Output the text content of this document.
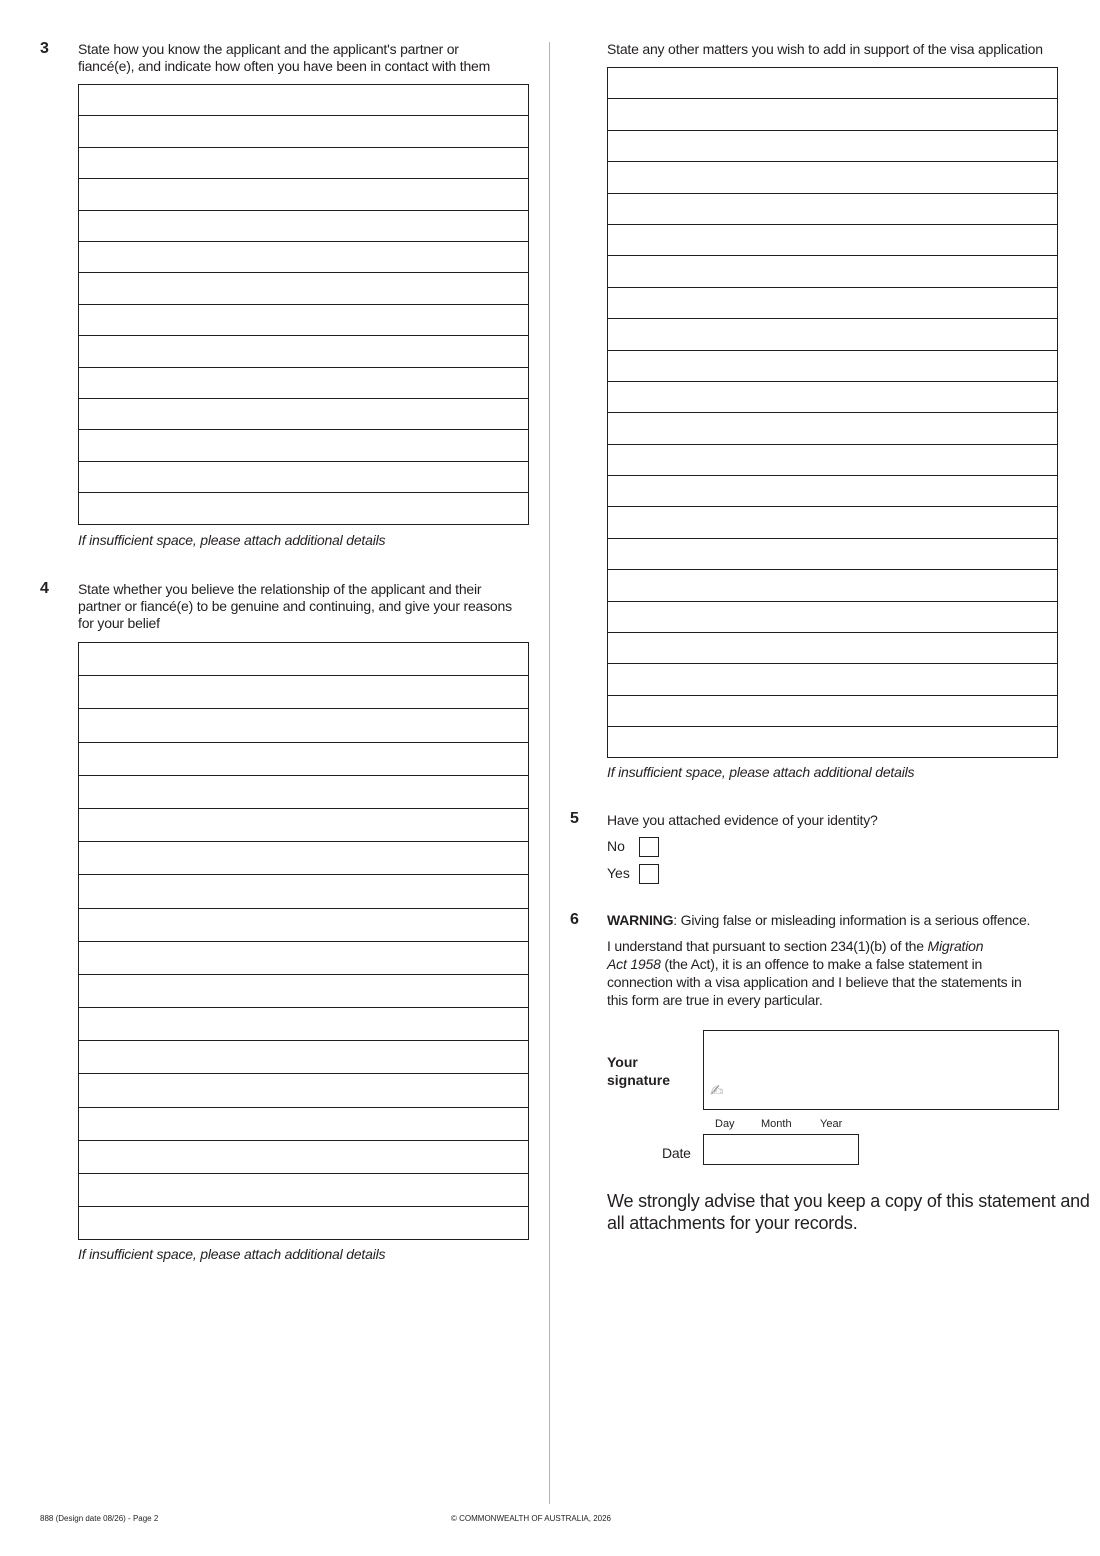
3 State how you know the applicant and the applicant's partner or
fiancé(e), and indicate how often you have been in contact with them
If insufficient space, please attach additional details
4 State whether you believe the relationship of the applicant and their
partner or fiancé(e) to be genuine and continuing, and give your reasons
for your belief
If insufficient space, please attach additional details
State any other matters you wish to add in support of the visa application
If insufficient space, please attach additional details
5 Have you attached evidence of your identity?
No
Yes
6 WARNING: Giving false or misleading information is a serious offence.
I understand that pursuant to section 234(1)(b) of the Migration
Act 1958 (the Act), it is an offence to make a false statement in
connection with a visa application and I believe that the statements in
this form are true in every particular.
Your
signature
✍
Day Month	Year
Date
We strongly advise that you keep a copy of this statement and
all attachments for your records.
888 (Design date 08/26) - Page 2	© COMMONWEALTH OF AUSTRALIA, 2026
